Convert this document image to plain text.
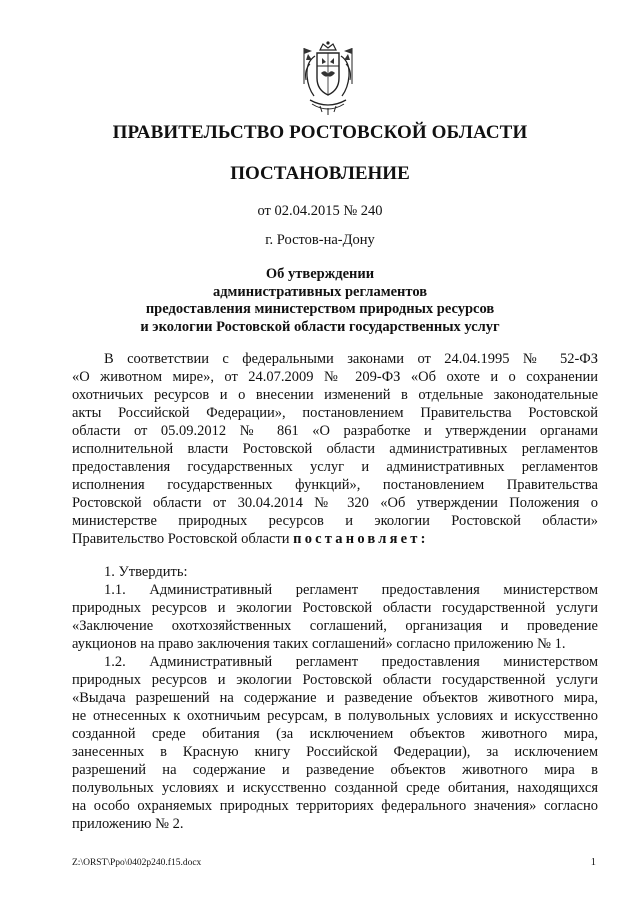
ПРАВИТЕЛЬСТВО РОСТОВСКОЙ ОБЛАСТИ
ПОСТАНОВЛЕНИЕ
от 02.04.2015 № 240
г. Ростов-на-Дону
Об утверждении
административных регламентов
предоставления министерством природных ресурсов
и экологии Ростовской области государственных услуг
В соответствии с федеральными законами от 24.04.1995 № 52-ФЗ
«О животном мире», от 24.07.2009 № 209-ФЗ «Об охоте и о сохранении
охотничьих ресурсов и о внесении изменений в отдельные законодательные
акты Российской Федерации», постановлением Правительства Ростовской
области от 05.09.2012 № 861 «О разработке и утверждении органами
исполнительной власти Ростовской области административных регламентов
предоставления государственных услуг и административных регламентов
исполнения государственных функций», постановлением Правительства
Ростовской области от 30.04.2014 № 320 «Об утверждении Положения о
министерстве природных ресурсов и экологии Ростовской области»
Правительство Ростовской области постановляет:
1. Утвердить:
1.1. Административный регламент предоставления министерством
природных ресурсов и экологии Ростовской области государственной услуги
«Заключение охотхозяйственных соглашений, организация и проведение
аукционов на право заключения таких соглашений» согласно приложению № 1.
1.2. Административный регламент предоставления министерством
природных ресурсов и экологии Ростовской области государственной услуги
«Выдача разрешений на содержание и разведение объектов животного мира,
не отнесенных к охотничьим ресурсам, в полувольных условиях и искусственно
созданной среде обитания (за исключением объектов животного мира,
занесенных в Красную книгу Российской Федерации), за исключением
разрешений на содержание и разведение объектов животного мира в
полувольных условиях и искусственно созданной среде обитания, находящихся
на особо охраняемых природных территориях федерального значения» согласно
приложению № 2.
Z:\ORST\Ppo\0402p240.f15.docx	1
